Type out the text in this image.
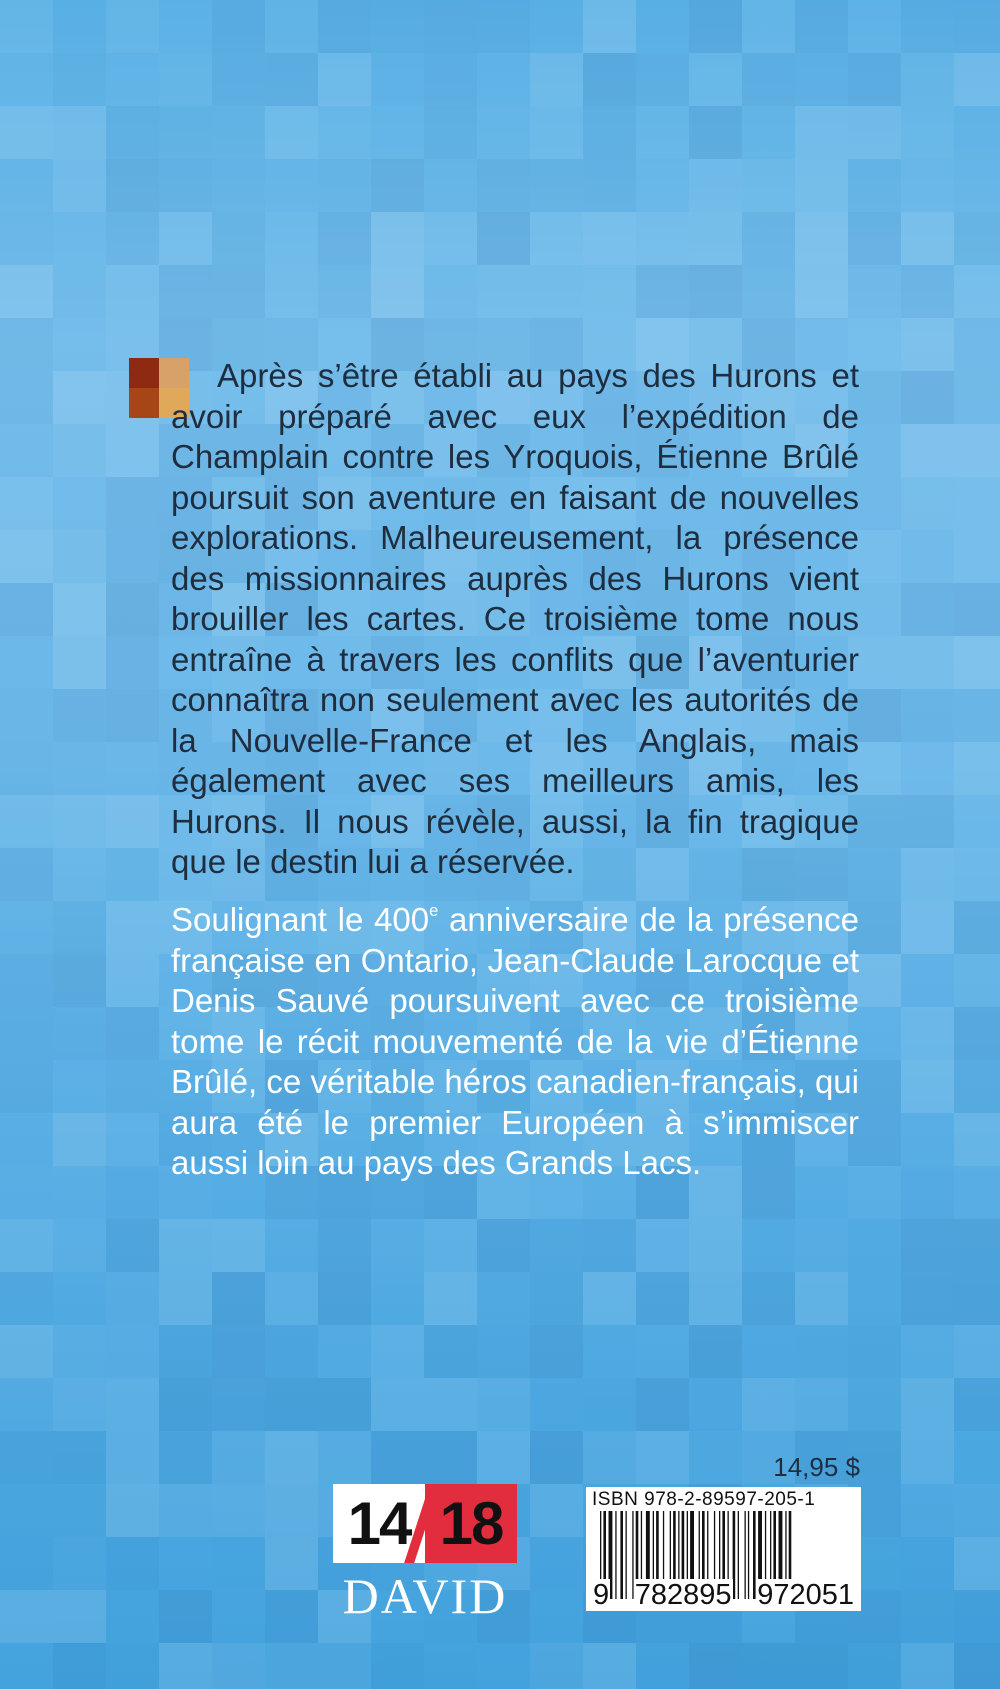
Après s’être établi au pays des Hurons et avoir préparé avec eux l’expédition de Champlain contre les Yroquois, Étienne Brûlé poursuit son aventure en faisant de nouvelles explorations. Malheureusement, la présence des missionnaires auprès des Hurons vient brouiller les cartes. Ce troisième tome nous entraîne à travers les conflits que l’aventurier connaîtra non seulement avec les autorités de la Nouvelle-France et les Anglais, mais également avec ses meilleurs amis, les Hurons. Il nous révèle, aussi, la fin tragique que le destin lui a réservée.

Soulignant le 400e anniversaire de la présence française en Ontario, Jean-Claude Larocque et Denis Sauvé poursuivent avec ce troisième tome le récit mouvementé de la vie d’Étienne Brûlé, ce véritable héros canadien-français, qui aura été le premier Européen à s’immiscer aussi loin au pays des Grands Lacs.

14,95 $
14 18
DAVID
ISBN 978-2-89597-205-1
9 782895 972051
